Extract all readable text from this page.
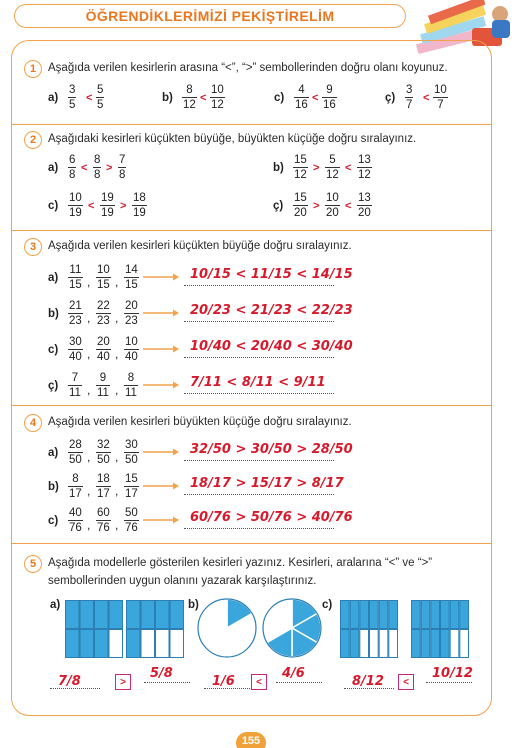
ÖĞRENDİKLERİMİZİ PEKİŞTİRELİM
1	Aşağıda verilen kesirlerin arasına “<”, “>” sembollerinden doğru olanı koyunuz.
a)
3
5
<
5
5
b)
8
12
<
10
12
c)
4
16
<
9
16
ç)
3
7
<
10
7
2	Aşağıdaki kesirleri küçükten büyüğe, büyükten küçüğe doğru sıralayınız.
a)
6
8
<
8
8
>
7
8
b)
15
12
>
5
12
<
13
12
c)
10
19
<
19
19
>
18
19
ç)
15
20
>
10
20
<
13
20
3	Aşağıda verilen kesirleri küçükten büyüğe doğru sıralayınız.
a)
11
15 ,
10
15 ,
14
15
10/15 < 11/15 < 14/15
b)
21
23 ,
22
23 ,
20
23
20/23 < 21/23 < 22/23
c)
30
40 ,
20
40 ,
10
40
10/40 < 20/40 < 30/40
ç)
7
11 ,
9
11 ,
8
11
7/11 < 8/11 < 9/11
4	Aşağıda verilen kesirleri büyükten küçüğe doğru sıralayınız.
a)
28
50 ,
32
50 ,
30
50
32/50 > 30/50 > 28/50
b)
8
17 ,
18
17 ,
15
17
18/17 > 15/17 > 8/17
c)
40
76 ,
60
76 ,
50
76
60/76 > 50/76 > 40/76
5	Aşağıda modellerle gösterilen kesirleri yazınız. Kesirleri, aralarına “<” ve “>”
sembollerinden uygun olanını yazarak karşılaştırınız.
a)	b)	c)
7/8	>
5/8
1/6	<
4/6
8/12	<
10/12
155
